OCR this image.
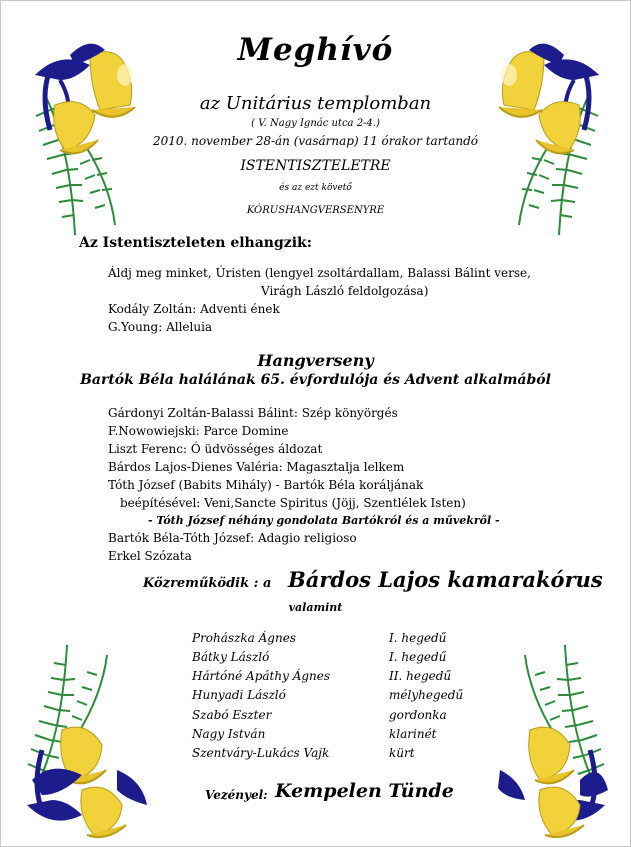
Meghívó
az Unitárius templomban
( V. Nagy Ignác utca 2-4.)
2010. november 28-án (vasárnap) 11 órakor tartandó
ISTENTISZTELETRE
és az ezt követő
KÓRUSHANGVERSENYRE
Az Istentiszteleten elhangzik:
Áldj meg minket, Úristen (lengyel zsoltárdallam, Balassi Bálint verse,
Virágh László feldolgozása)
Kodály Zoltán: Adventi ének
G.Young: Alleluia
Hangverseny
Bartók Béla halálának 65. évfordulója és Advent alkalmából
Gárdonyi Zoltán-Balassi Bálint: Szép könyörgés
F.Nowowiejski: Parce Domine
Liszt Ferenc: Ó üdvösséges áldozat
Bárdos Lajos-Dienes Valéria: Magasztalja lelkem
Tóth József (Babits Mihály) - Bartók Béla koráljának
beépítésével: Veni,Sancte Spiritus (Jöjj, Szentlélek Isten)
- Tóth József néhány gondolata Bartókról és a művekről -
Bartók Béla-Tóth József: Adagio religioso
Erkel Szózata
Közreműködik : a Bárdos Lajos kamarakórus
valamint
Prohászka Ágnes	I. hegedű
Bátky László	I. hegedű
Hártóné Apáthy Ágnes	II. hegedű
Hunyadi László	mélyhegedű
Szabó Eszter	gordonka
Nagy István	klarinét
Szentváry-Lukács Vajk	kürt
Vezényel: Kempelen Tünde
